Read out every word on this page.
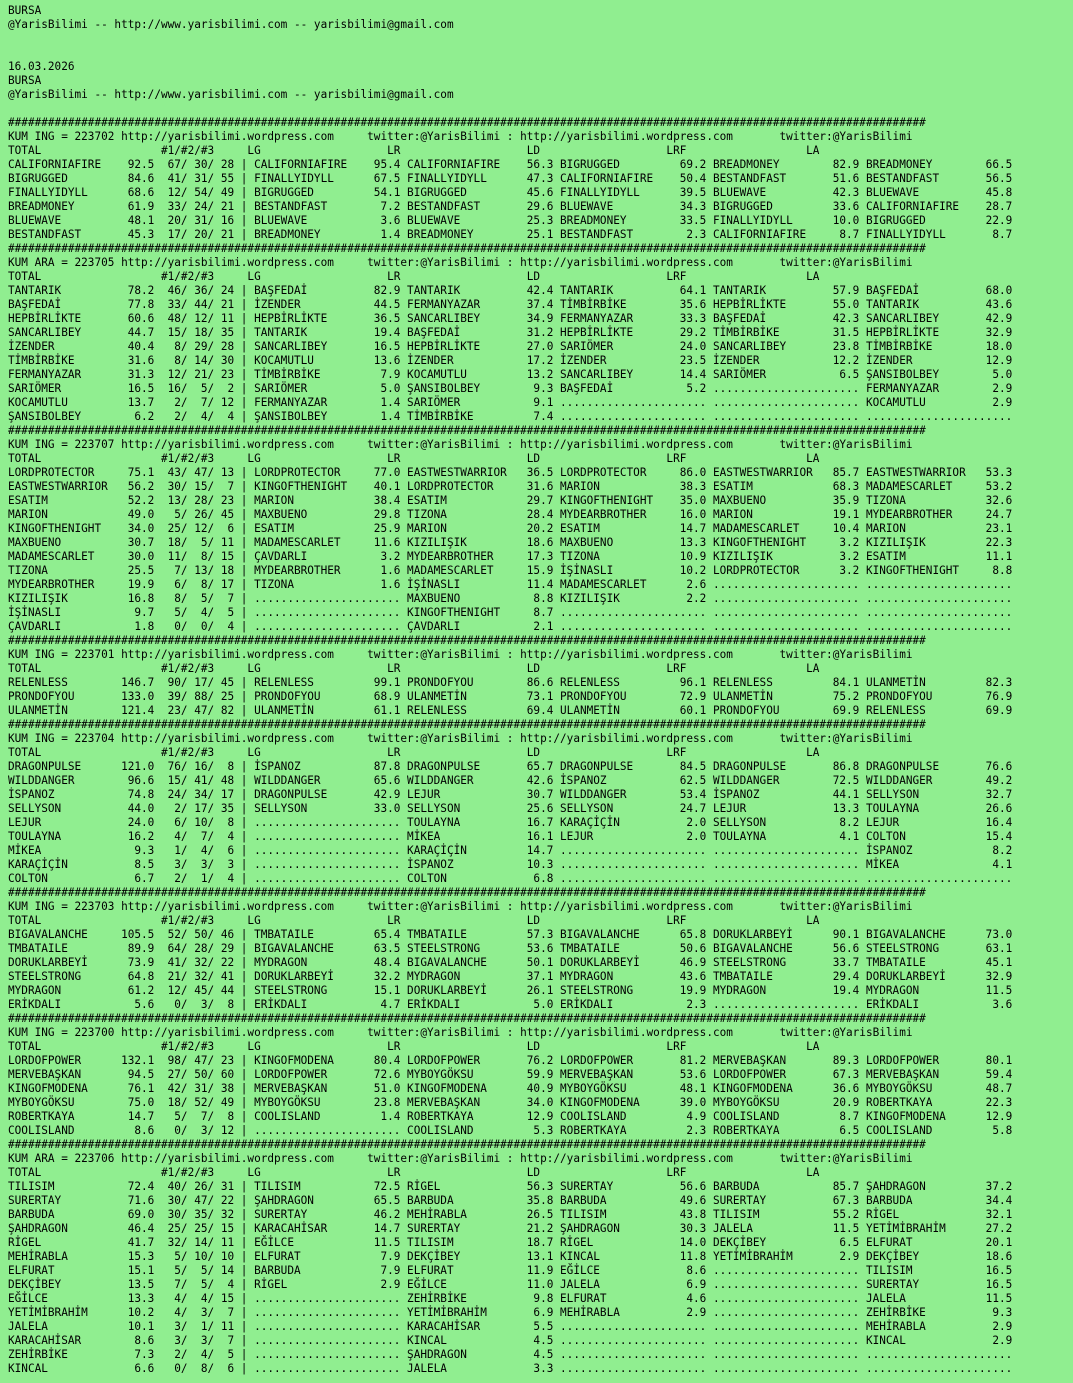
BURSA
@YarisBilimi -- http://www.yarisbilimi.com -- yarisbilimi@gmail.com

16.03.2026
BURSA
@YarisBilimi -- http://www.yarisbilimi.com -- yarisbilimi@gmail.com

##########################################################################################################################################
KUM ING = 223702 http://yarisbilimi.wordpress.com     twitter:@YarisBilimi : http://yarisbilimi.wordpress.com       twitter:@YarisBilimi
TOTAL                  #1/#2/#3     LG                   LR                   LD                   LRF                  LA
CALIFORNIAFIRE    92.5  67/ 30/ 28 | CALIFORNIAFIRE    95.4 CALIFORNIAFIRE    56.3 BIGRUGGED         69.2 BREADMONEY        82.9 BREADMONEY        66.5
BIGRUGGED         84.6  41/ 31/ 55 | FINALLYIDYLL      67.5 FINALLYIDYLL      47.3 CALIFORNIAFIRE    50.4 BESTANDFAST       51.6 BESTANDFAST       56.5
FINALLYIDYLL      68.6  12/ 54/ 49 | BIGRUGGED         54.1 BIGRUGGED         45.6 FINALLYIDYLL      39.5 BLUEWAVE          42.3 BLUEWAVE          45.8
BREADMONEY        61.9  33/ 24/ 21 | BESTANDFAST        7.2 BESTANDFAST       29.6 BLUEWAVE          34.3 BIGRUGGED         33.6 CALIFORNIAFIRE    28.7
BLUEWAVE          48.1  20/ 31/ 16 | BLUEWAVE           3.6 BLUEWAVE          25.3 BREADMONEY        33.5 FINALLYIDYLL      10.0 BIGRUGGED         22.9
BESTANDFAST       45.3  17/ 20/ 21 | BREADMONEY         1.4 BREADMONEY        25.1 BESTANDFAST        2.3 CALIFORNIAFIRE     8.7 FINALLYIDYLL       8.7
##########################################################################################################################################
KUM ARA = 223705 http://yarisbilimi.wordpress.com     twitter:@YarisBilimi : http://yarisbilimi.wordpress.com       twitter:@YarisBilimi
TOTAL                  #1/#2/#3     LG                   LR                   LD                   LRF                  LA
TANTARIK          78.2  46/ 36/ 24 | BAŞFEDAİ          82.9 TANTARIK          42.4 TANTARIK          64.1 TANTARIK          57.9 BAŞFEDAİ          68.0
BAŞFEDAİ          77.8  33/ 44/ 21 | İZENDER           44.5 FERMANYAZAR       37.4 TİMBİRBİKE        35.6 HEPBİRLİKTE       55.0 TANTARIK          43.6
HEPBİRLİKTE       60.6  48/ 12/ 11 | HEPBİRLİKTE       36.5 SANCARLIBEY       34.9 FERMANYAZAR       33.3 BAŞFEDAİ          42.3 SANCARLIBEY       42.9
SANCARLIBEY       44.7  15/ 18/ 35 | TANTARIK          19.4 BAŞFEDAİ          31.2 HEPBİRLİKTE       29.2 TİMBİRBİKE        31.5 HEPBİRLİKTE       32.9
İZENDER           40.4   8/ 29/ 28 | SANCARLIBEY       16.5 HEPBİRLİKTE       27.0 SARIÖMER          24.0 SANCARLIBEY       23.8 TİMBİRBİKE        18.0
TİMBİRBİKE        31.6   8/ 14/ 30 | KOCAMUTLU         13.6 İZENDER           17.2 İZENDER           23.5 İZENDER           12.2 İZENDER           12.9
FERMANYAZAR       31.3  12/ 21/ 23 | TİMBİRBİKE         7.9 KOCAMUTLU         13.2 SANCARLIBEY       14.4 SARIÖMER           6.5 ŞANSIBOLBEY        5.0
SARIÖMER          16.5  16/  5/  2 | SARIÖMER           5.0 ŞANSIBOLBEY        9.3 BAŞFEDAİ           5.2 ...................... FERMANYAZAR        2.9
KOCAMUTLU         13.7   2/  7/ 12 | FERMANYAZAR        1.4 SARIÖMER           9.1 ...................... ...................... KOCAMUTLU          2.9
ŞANSIBOLBEY        6.2   2/  4/  4 | ŞANSIBOLBEY        1.4 TİMBİRBİKE         7.4 ...................... ...................... ......................
##########################################################################################################################################
KUM ING = 223707 http://yarisbilimi.wordpress.com     twitter:@YarisBilimi : http://yarisbilimi.wordpress.com       twitter:@YarisBilimi
TOTAL                  #1/#2/#3     LG                   LR                   LD                   LRF                  LA
LORDPROTECTOR     75.1  43/ 47/ 13 | LORDPROTECTOR     77.0 EASTWESTWARRIOR   36.5 LORDPROTECTOR     86.0 EASTWESTWARRIOR   85.7 EASTWESTWARRIOR   53.3
EASTWESTWARRIOR   56.2  30/ 15/  7 | KINGOFTHENIGHT    40.1 LORDPROTECTOR     31.6 MARION            38.3 ESATIM            68.3 MADAMESCARLET     53.2
ESATIM            52.2  13/ 28/ 23 | MARION            38.4 ESATIM            29.7 KINGOFTHENIGHT    35.0 MAXBUENO          35.9 TIZONA            32.6
MARION            49.0   5/ 26/ 45 | MAXBUENO          29.8 TIZONA            28.4 MYDEARBROTHER     16.0 MARION            19.1 MYDEARBROTHER     24.7
KINGOFTHENIGHT    34.0  25/ 12/  6 | ESATIM            25.9 MARION            20.2 ESATIM            14.7 MADAMESCARLET     10.4 MARION            23.1
MAXBUENO          30.7  18/  5/ 11 | MADAMESCARLET     11.6 KIZILIŞIK         18.6 MAXBUENO          13.3 KINGOFTHENIGHT     3.2 KIZILIŞIK         22.3
MADAMESCARLET     30.0  11/  8/ 15 | ÇAVDARLI           3.2 MYDEARBROTHER     17.3 TIZONA            10.9 KIZILIŞIK          3.2 ESATIM            11.1
TIZONA            25.5   7/ 13/ 18 | MYDEARBROTHER      1.6 MADAMESCARLET     15.9 İŞİNASLI          10.2 LORDPROTECTOR      3.2 KINGOFTHENIGHT     8.8
MYDEARBROTHER     19.9   6/  8/ 17 | TIZONA             1.6 İŞİNASLI          11.4 MADAMESCARLET      2.6 ...................... ......................
KIZILIŞIK         16.8   8/  5/  7 | ...................... MAXBUENO           8.8 KIZILIŞIK          2.2 ...................... ......................
İŞİNASLI           9.7   5/  4/  5 | ...................... KINGOFTHENIGHT     8.7 ...................... ...................... ......................
ÇAVDARLI           1.8   0/  0/  4 | ...................... ÇAVDARLI           2.1 ...................... ...................... ......................
##########################################################################################################################################
KUM ING = 223701 http://yarisbilimi.wordpress.com     twitter:@YarisBilimi : http://yarisbilimi.wordpress.com       twitter:@YarisBilimi
TOTAL                  #1/#2/#3     LG                   LR                   LD                   LRF                  LA
RELENLESS        146.7  90/ 17/ 45 | RELENLESS         99.1 PRONDOFYOU        86.6 RELENLESS         96.1 RELENLESS         84.1 ULANMETİN         82.3
PRONDOFYOU       133.0  39/ 88/ 25 | PRONDOFYOU        68.9 ULANMETİN         73.1 PRONDOFYOU        72.9 ULANMETİN         75.2 PRONDOFYOU        76.9
ULANMETİN        121.4  23/ 47/ 82 | ULANMETİN         61.1 RELENLESS         69.4 ULANMETİN         60.1 PRONDOFYOU        69.9 RELENLESS         69.9
##########################################################################################################################################
KUM ING = 223704 http://yarisbilimi.wordpress.com     twitter:@YarisBilimi : http://yarisbilimi.wordpress.com       twitter:@YarisBilimi
TOTAL                  #1/#2/#3     LG                   LR                   LD                   LRF                  LA
DRAGONPULSE      121.0  76/ 16/  8 | İSPANOZ           87.8 DRAGONPULSE       65.7 DRAGONPULSE       84.5 DRAGONPULSE       86.8 DRAGONPULSE       76.6
WILDDANGER        96.6  15/ 41/ 48 | WILDDANGER        65.6 WILDDANGER        42.6 İSPANOZ           62.5 WILDDANGER        72.5 WILDDANGER        49.2
İSPANOZ           74.8  24/ 34/ 17 | DRAGONPULSE       42.9 LEJUR             30.7 WILDDANGER        53.4 İSPANOZ           44.1 SELLYSON          32.7
SELLYSON          44.0   2/ 17/ 35 | SELLYSON          33.0 SELLYSON          25.6 SELLYSON          24.7 LEJUR             13.3 TOULAYNA          26.6
LEJUR             24.0   6/ 10/  8 | ...................... TOULAYNA          16.7 KARAÇİÇİN          2.0 SELLYSON           8.2 LEJUR             16.4
TOULAYNA          16.2   4/  7/  4 | ...................... MİKEA             16.1 LEJUR              2.0 TOULAYNA           4.1 COLTON            15.4
MİKEA              9.3   1/  4/  6 | ...................... KARAÇİÇİN         14.7 ...................... ...................... İSPANOZ            8.2
KARAÇİÇİN          8.5   3/  3/  3 | ...................... İSPANOZ           10.3 ...................... ...................... MİKEA              4.1
COLTON             6.7   2/  1/  4 | ...................... COLTON             6.8 ...................... ...................... ......................
##########################################################################################################################################
KUM ING = 223703 http://yarisbilimi.wordpress.com     twitter:@YarisBilimi : http://yarisbilimi.wordpress.com       twitter:@YarisBilimi
TOTAL                  #1/#2/#3     LG                   LR                   LD                   LRF                  LA
BIGAVALANCHE     105.5  52/ 50/ 46 | TMBATAILE         65.4 TMBATAILE         57.3 BIGAVALANCHE      65.8 DORUKLARBEYİ      90.1 BIGAVALANCHE      73.0
TMBATAILE         89.9  64/ 28/ 29 | BIGAVALANCHE      63.5 STEELSTRONG       53.6 TMBATAILE         50.6 BIGAVALANCHE      56.6 STEELSTRONG       63.1
DORUKLARBEYİ      73.9  41/ 32/ 22 | MYDRAGON          48.4 BIGAVALANCHE      50.1 DORUKLARBEYİ      46.9 STEELSTRONG       33.7 TMBATAILE         45.1
STEELSTRONG       64.8  21/ 32/ 41 | DORUKLARBEYİ      32.2 MYDRAGON          37.1 MYDRAGON          43.6 TMBATAILE         29.4 DORUKLARBEYİ      32.9
MYDRAGON          61.2  12/ 45/ 44 | STEELSTRONG       15.1 DORUKLARBEYİ      26.1 STEELSTRONG       19.9 MYDRAGON          19.4 MYDRAGON          11.5
ERİKDALI           5.6   0/  3/  8 | ERİKDALI           4.7 ERİKDALI           5.0 ERİKDALI           2.3 ...................... ERİKDALI           3.6
##########################################################################################################################################
KUM ING = 223700 http://yarisbilimi.wordpress.com     twitter:@YarisBilimi : http://yarisbilimi.wordpress.com       twitter:@YarisBilimi
TOTAL                  #1/#2/#3     LG                   LR                   LD                   LRF                  LA
LORDOFPOWER      132.1  98/ 47/ 23 | KINGOFMODENA      80.4 LORDOFPOWER       76.2 LORDOFPOWER       81.2 MERVEBAŞKAN       89.3 LORDOFPOWER       80.1
MERVEBAŞKAN       94.5  27/ 50/ 60 | LORDOFPOWER       72.6 MYBOYGÖKSU        59.9 MERVEBAŞKAN       53.6 LORDOFPOWER       67.3 MERVEBAŞKAN       59.4
KINGOFMODENA      76.1  42/ 31/ 38 | MERVEBAŞKAN       51.0 KINGOFMODENA      40.9 MYBOYGÖKSU        48.1 KINGOFMODENA      36.6 MYBOYGÖKSU        48.7
MYBOYGÖKSU        75.0  18/ 52/ 49 | MYBOYGÖKSU        23.8 MERVEBAŞKAN       34.0 KINGOFMODENA      39.0 MYBOYGÖKSU        20.9 ROBERTKAYA        22.3
ROBERTKAYA        14.7   5/  7/  8 | COOLISLAND         1.4 ROBERTKAYA        12.9 COOLISLAND         4.9 COOLISLAND         8.7 KINGOFMODENA      12.9
COOLISLAND         8.6   0/  3/ 12 | ...................... COOLISLAND         5.3 ROBERTKAYA         2.3 ROBERTKAYA         6.5 COOLISLAND         5.8
##########################################################################################################################################
KUM ARA = 223706 http://yarisbilimi.wordpress.com     twitter:@YarisBilimi : http://yarisbilimi.wordpress.com       twitter:@YarisBilimi
TOTAL                  #1/#2/#3     LG                   LR                   LD                   LRF                  LA
TILISIM           72.4  40/ 26/ 31 | TILISIM           72.5 RİGEL             56.3 SURERTAY          56.6 BARBUDA           85.7 ŞAHDRAGON         37.2
SURERTAY          71.6  30/ 47/ 22 | ŞAHDRAGON         65.5 BARBUDA           35.8 BARBUDA           49.6 SURERTAY          67.3 BARBUDA           34.4
BARBUDA           69.0  30/ 35/ 32 | SURERTAY          46.2 MEHİRABLA         26.5 TILISIM           43.8 TILISIM           55.2 RİGEL             32.1
ŞAHDRAGON         46.4  25/ 25/ 15 | KARACAHİSAR       14.7 SURERTAY          21.2 ŞAHDRAGON         30.3 JALELA            11.5 YETİMİBRAHİM      27.2
RİGEL             41.7  32/ 14/ 11 | EĞİLCE            11.5 TILISIM           18.7 RİGEL             14.0 DEKÇİBEY           6.5 ELFURAT           20.1
MEHİRABLA         15.3   5/ 10/ 10 | ELFURAT            7.9 DEKÇİBEY          13.1 KINCAL            11.8 YETİMİBRAHİM       2.9 DEKÇİBEY          18.6
ELFURAT           15.1   5/  5/ 14 | BARBUDA            7.9 ELFURAT           11.9 EĞİLCE             8.6 ...................... TILISIM           16.5
DEKÇİBEY          13.5   7/  5/  4 | RİGEL              2.9 EĞİLCE            11.0 JALELA             6.9 ...................... SURERTAY          16.5
EĞİLCE            13.3   4/  4/ 15 | ...................... ZEHİRBİKE          9.8 ELFURAT            4.6 ...................... JALELA            11.5
YETİMİBRAHİM      10.2   4/  3/  7 | ...................... YETİMİBRAHİM       6.9 MEHİRABLA          2.9 ...................... ZEHİRBİKE          9.3
JALELA            10.1   3/  1/ 11 | ...................... KARACAHİSAR        5.5 ...................... ...................... MEHİRABLA          2.9
KARACAHİSAR        8.6   3/  3/  7 | ...................... KINCAL             4.5 ...................... ...................... KINCAL             2.9
ZEHİRBİKE          7.3   2/  4/  5 | ...................... ŞAHDRAGON          4.5 ...................... ...................... ......................
KINCAL             6.6   0/  8/  6 | ...................... JALELA             3.3 ...................... ...................... ......................
